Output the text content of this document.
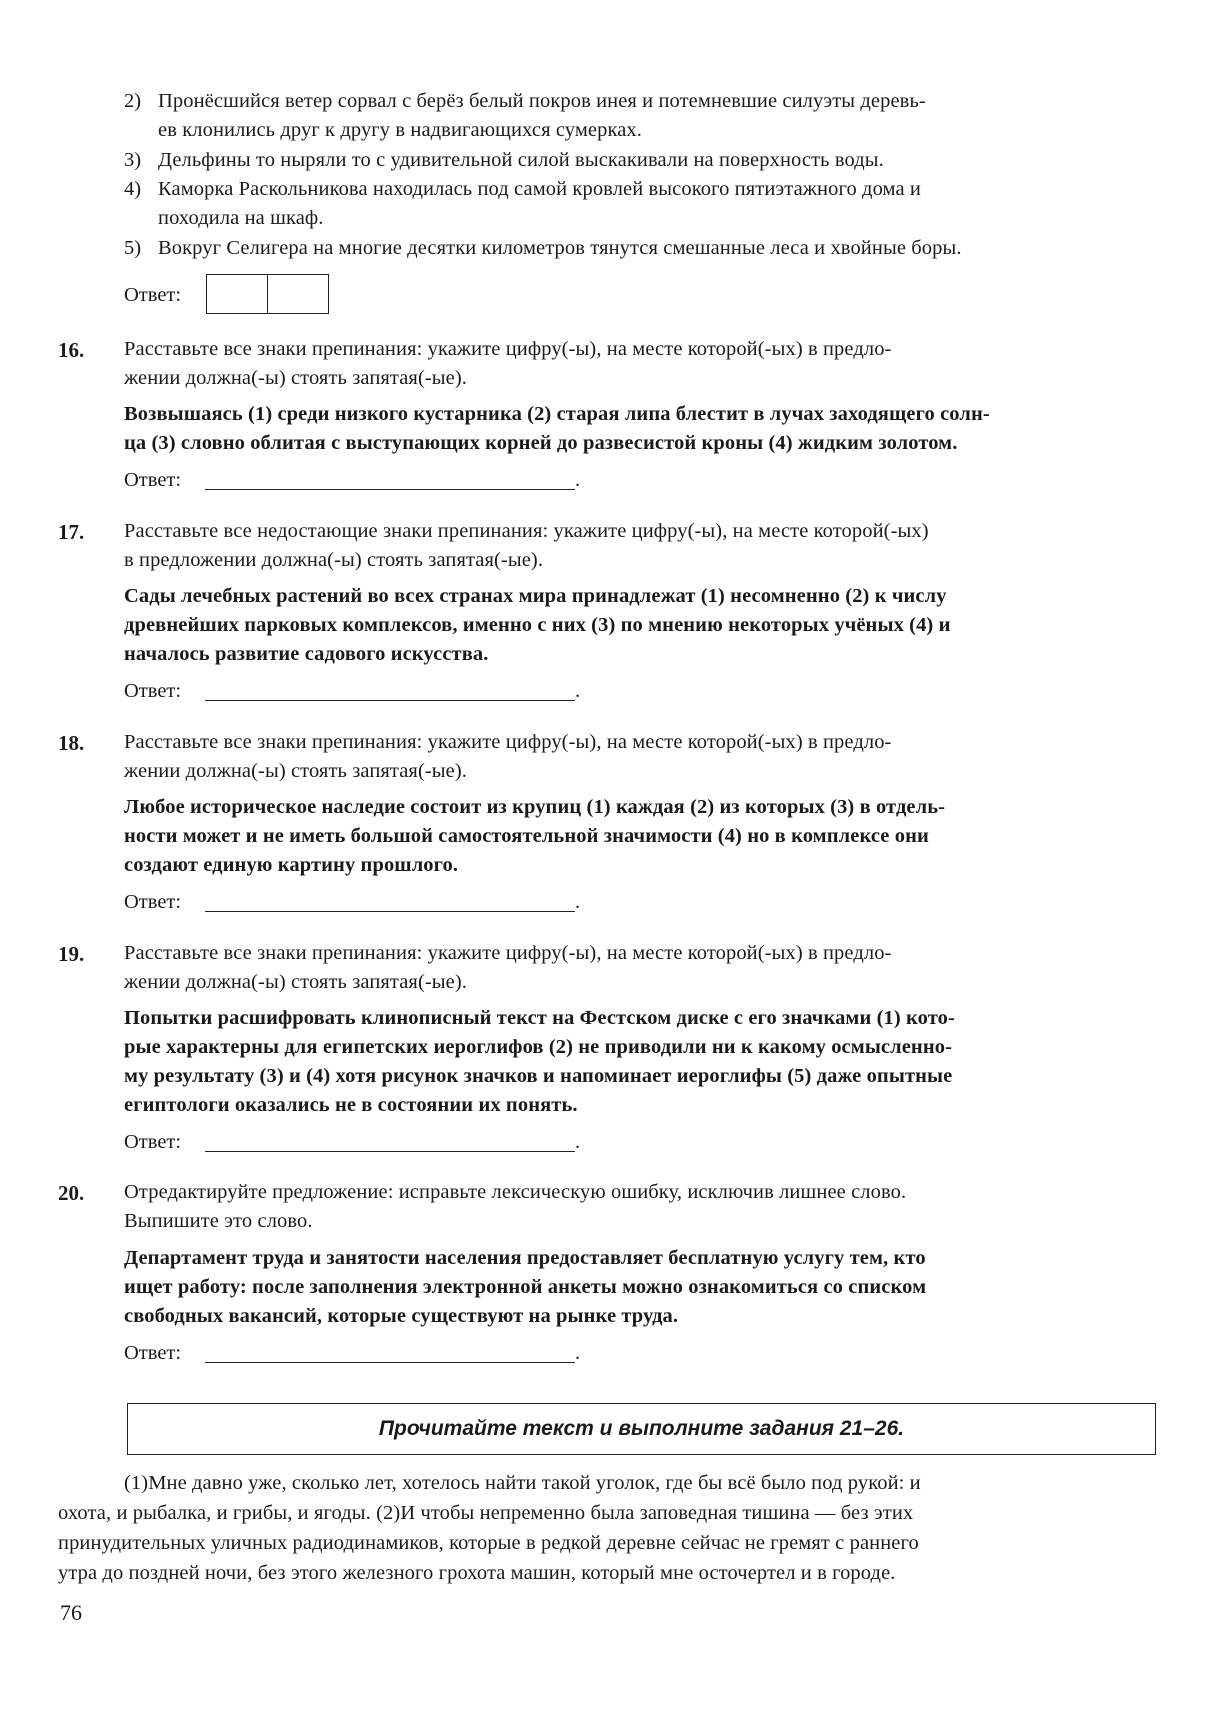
2) Пронёсшийся ветер сорвал с берёз белый покров инея и потемневшие силуэты деревь-
ев клонились друг к другу в надвигающихся сумерках.
3) Дельфины то ныряли то с удивительной силой выскакивали на поверхность воды.
4) Каморка Раскольникова находилась под самой кровлей высокого пятиэтажного дома и
походила на шкаф.
5) Вокруг Селигера на многие десятки километров тянутся смешанные леса и хвойные боры.
Ответ:
16. Расставьте все знаки препинания: укажите цифру(-ы), на месте которой(-ых) в предло-
жении должна(-ы) стоять запятая(-ые).
Возвышаясь (1) среди низкого кустарника (2) старая липа блестит в лучах заходящего солн-
ца (3) словно облитая с выступающих корней до развесистой кроны (4) жидким золотом.
Ответ:	.
17. Расставьте все недостающие знаки препинания: укажите цифру(-ы), на месте которой(-ых)
в предложении должна(-ы) стоять запятая(-ые).
Сады лечебных растений во всех странах мира принадлежат (1) несомненно (2) к числу
древнейших парковых комплексов, именно с них (3) по мнению некоторых учёных (4) и
началось развитие садового искусства.
Ответ:	.
18. Расставьте все знаки препинания: укажите цифру(-ы), на месте которой(-ых) в предло-
жении должна(-ы) стоять запятая(-ые).
Любое историческое наследие состоит из крупиц (1) каждая (2) из которых (3) в отдель-
ности может и не иметь большой самостоятельной значимости (4) но в комплексе они
создают единую картину прошлого.
Ответ:	.
19. Расставьте все знаки препинания: укажите цифру(-ы), на месте которой(-ых) в предло-
жении должна(-ы) стоять запятая(-ые).
Попытки расшифровать клинописный текст на Фестском диске с его значками (1) кото-
рые характерны для египетских иероглифов (2) не приводили ни к какому осмысленно-
му результату (3) и (4) хотя рисунок значков и напоминает иероглифы (5) даже опытные
египтологи оказались не в состоянии их понять.
Ответ:	.
20. Отредактируйте предложение: исправьте лексическую ошибку, исключив лишнее слово.
Выпишите это слово.
Департамент труда и занятости населения предоставляет бесплатную услугу тем, кто
ищет работу: после заполнения электронной анкеты можно ознакомиться со списком
свободных вакансий, которые существуют на рынке труда.
Ответ:	.
Прочитайте текст и выполните задания 21–26.
(1)Мне давно уже, сколько лет, хотелось найти такой уголок, где бы всё было под рукой: и
охота, и рыбалка, и грибы, и ягоды. (2)И чтобы непременно была заповедная тишина — без этих
принудительных уличных радиодинамиков, которые в редкой деревне сейчас не гремят с раннего
утра до поздней ночи, без этого железного грохота машин, который мне осточертел и в городе.
76
